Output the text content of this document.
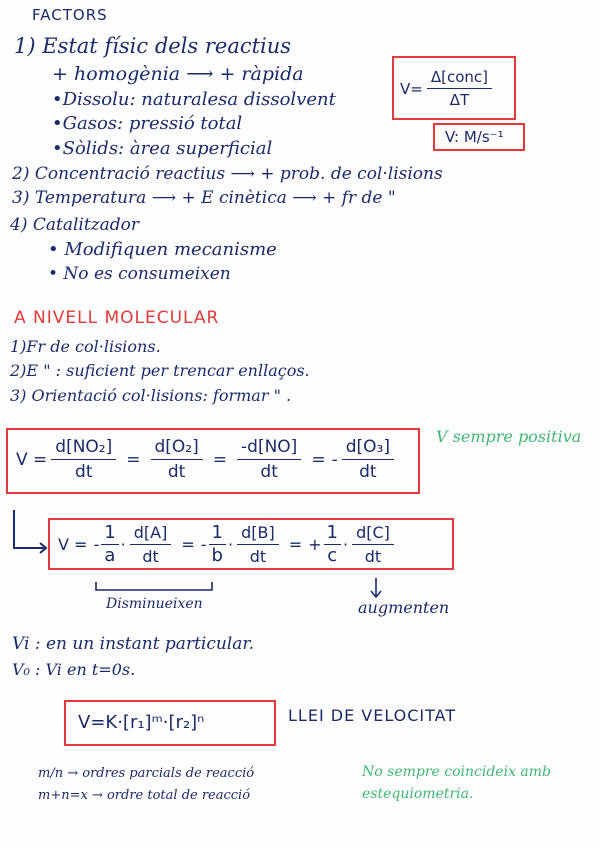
FACTORS
1) Estat físic dels reactius
+ homogènia ⟶ + ràpida
•Dissolu: naturalesa dissolvent
•Gasos: pressió total
•Sòlids: àrea superficial
$V= \frac{\text{Δ[conc]}}{\Delta T}$
V: M/s⁻¹
2) Concentració reactius ⟶ + prob. de col·lisions
3) Temperatura ⟶ + E cinètica ⟶ + fr de "
4) Catalitzador
• Modifiquen mecanisme
• No es consumeixen
A NIVELL MOLECULAR
1)Fr de col·lisions.
2)E " : suficient per trencar enllaços.
3) Orientació col·lisions: formar " .
$V = \frac{\text{d[NO₂]}}{dt} = \frac{\text{d[O₂]}}{dt} = \frac{-d[NO]}{dt}$ = - $\frac{\text{d[O₃]}}{dt}$
V sempre positiva
V = - $\frac{1}{a} \cdot \frac{d[A]}{dt}$ = - $\frac{1}{b} \cdot \frac{d[B]}{dt}$ = + $\frac{1}{c} \cdot \frac{d[C]}{dt}$
Disminueixen	augmenten
Vi : en un instant particular.
V₀ : Vi en t=0s.
V=K·[r₁]ᵐ·[r₂]ⁿ	LLEI DE VELOCITAT
m/n → ordres parcials de reacció
m+n=x → ordre total de reacció
No sempre coincideix amb
estequiometria.
